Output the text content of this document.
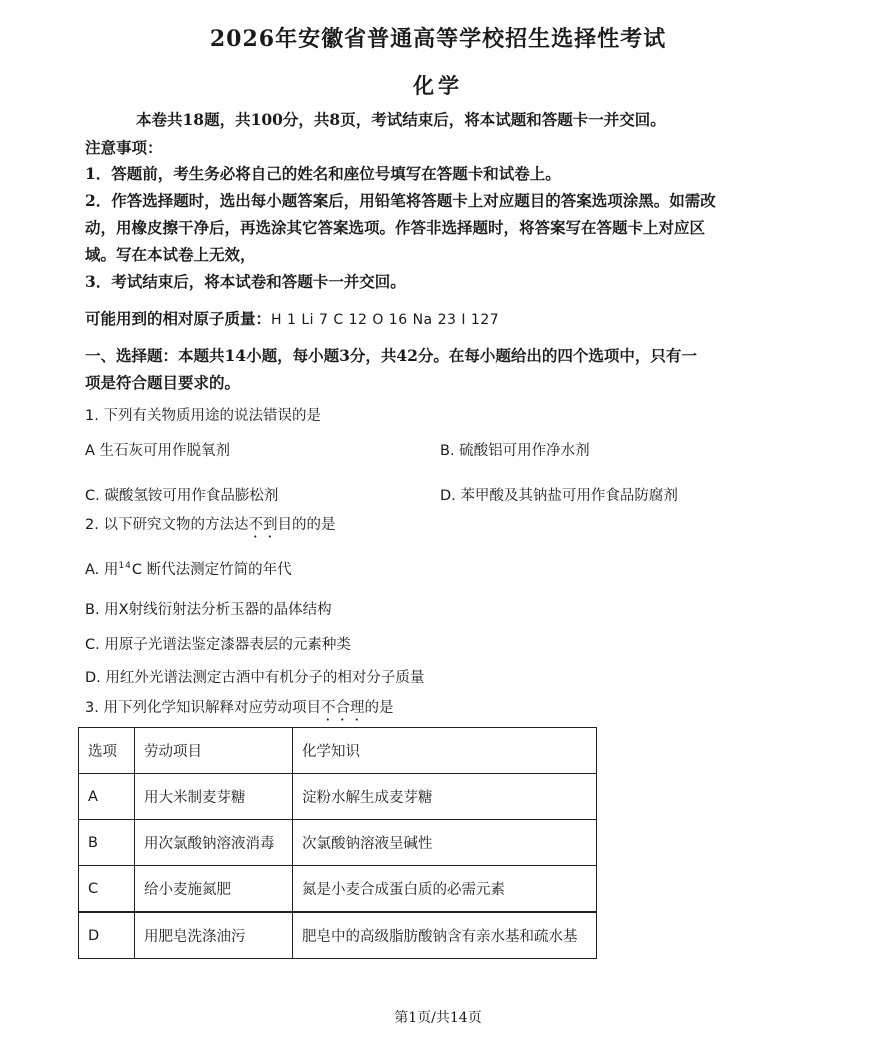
2026年安徽省普通高等学校招生选择性考试
化学
本卷共18题，共100分，共8页，考试结束后，将本试题和答题卡一并交回。
注意事项：
1．答题前，考生务必将自己的姓名和座位号填写在答题卡和试卷上。
2．作答选择题时，选出每小题答案后，用铅笔将答题卡上对应题目的答案选项涂黑。如需改
动，用橡皮擦干净后，再选涂其它答案选项。作答非选择题时，将答案写在答题卡上对应区
域。写在本试卷上无效，
3．考试结束后，将本试卷和答题卡一并交回。
可能用到的相对原子质量：H 1 Li 7 C 12 O 16 Na 23 I 127
一、选择题：本题共14小题，每小题3分，共42分。在每小题给出的四个选项中，只有一
项是符合题目要求的。
1. 下列有关物质用途的说法错误的是
A 生石灰可用作脱氧剂	B. 硫酸铝可用作净水剂
C. 碳酸氢铵可用作食品膨松剂	D. 苯甲酸及其钠盐可用作食品防腐剂
2. 以下研究文物的方法达不到目的的是
A. 用$^{14}$C 断代法测定竹简的年代
B. 用X射线衍射法分析玉器的晶体结构
C. 用原子光谱法鉴定漆器表层的元素种类
D. 用红外光谱法测定古酒中有机分子的相对分子质量
3. 用下列化学知识解释对应劳动项目不合理的是
选项	劳动项目	化学知识
A	用大米制麦芽糖	淀粉水解生成麦芽糖
B	用次氯酸钠溶液消毒	次氯酸钠溶液呈碱性
C	给小麦施氮肥	氮是小麦合成蛋白质的必需元素
D	用肥皂洗涤油污	肥皂中的高级脂肪酸钠含有亲水基和疏水基
第1页/共14页
